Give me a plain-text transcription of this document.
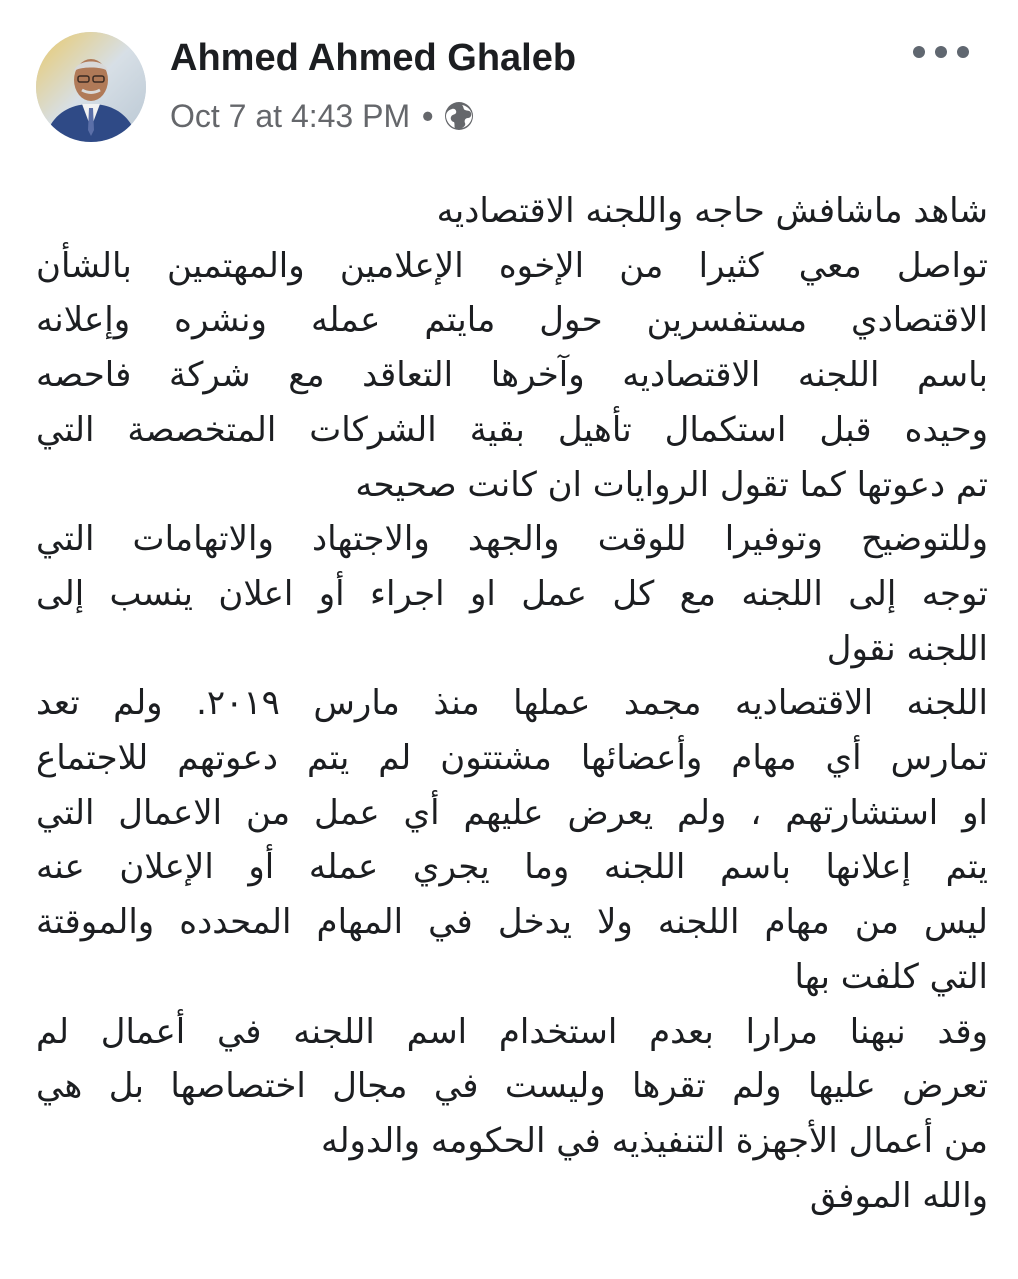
Ahmed Ahmed Ghaleb
Oct 7 at 4:43 PM •
شاهد ماشافش حاجه واللجنه الاقتصاديه
تواصل معي كثيرا من الإخوه الإعلامين والمهتمين بالشأن
الاقتصادي مستفسرين حول مايتم عمله ونشره وإعلانه
باسم اللجنه الاقتصاديه وآخرها التعاقد مع شركة فاحصه
وحيده قبل استكمال تأهيل بقية الشركات المتخصصة التي
تم دعوتها كما تقول الروايات ان كانت صحيحه
وللتوضيح وتوفيرا للوقت والجهد والاجتهاد والاتهامات التي
توجه إلى اللجنه مع كل عمل او اجراء أو اعلان ينسب إلى
اللجنه نقول
اللجنه الاقتصاديه مجمد عملها منذ مارس ٢٠١٩. ولم تعد
تمارس أي مهام وأعضائها مشتتون لم يتم دعوتهم للاجتماع
او استشارتهم ، ولم يعرض عليهم أي عمل من الاعمال التي
يتم إعلانها باسم اللجنه وما يجري عمله أو الإعلان عنه
ليس من مهام اللجنه ولا يدخل في المهام المحدده والموقتة
التي كلفت بها
وقد نبهنا مرارا بعدم استخدام اسم اللجنه في أعمال لم
تعرض عليها ولم تقرها وليست في مجال اختصاصها بل هي
من أعمال الأجهزة التنفيذيه في الحكومه والدوله
والله الموفق
